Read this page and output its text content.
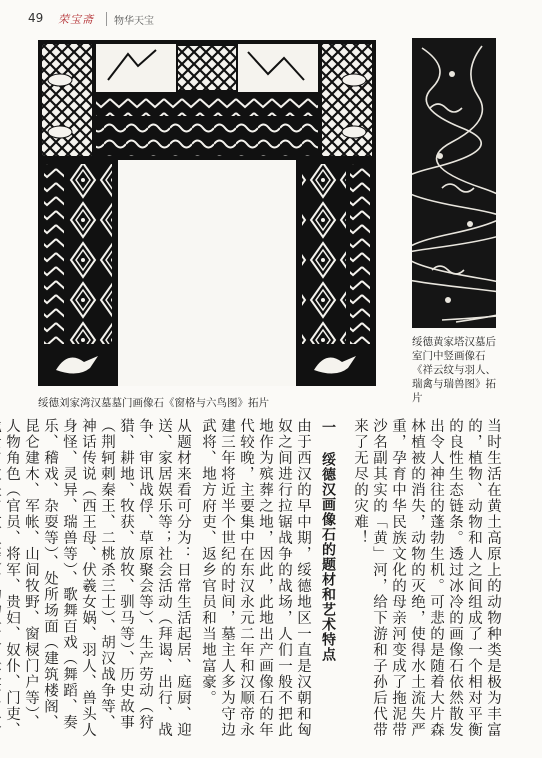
49 荣宝斋 物华天宝
绥德刘家湾汉墓墓门画像石《窗格与六鸟图》拓片
绥德黄家塔汉墓后室门中竖画像石《祥云纹与羽人、瑞禽与瑞兽图》拓片
当时生活在黄土高原上的动物种类是极为丰富的，植物、动物和人之间组成了一个相对平衡的良性生态链条。透过冰冷的画像石依然散发出令人神往的蓬勃生机。可悲的是随着大片森林植被的消失，动物的灭绝，使得水土流失严重，孕育中华民族文化的母亲河变成了拖泥带沙名副其实的「黄」河，给下游和子孙后代带来了无尽的灾难！
一 绥德汉画像石的题材和艺术特点
由于西汉的早中期，绥德地区一直是汉朝和匈奴之间进行拉锯战争的战场，人们一般不把此地作为殡葬之地，因此，此地出产画像石的年代较晚，主要集中在东汉永元二年和汉顺帝永建三年将近半个世纪的时间，墓主人多为守边武将、地方府吏、返乡官员和当地富豪。
从题材来看可分为：日常生活起居、庭厨、迎送、家居娱乐等；社会活动（拜谒、出行、战争、审讯战俘、草原聚会等）、生产劳动（狩猎、耕地、牧获、放牧、驯马等）、历史故事（荆轲刺秦王、二桃杀三士）、胡汉战争等、神话传说（西王母、伏羲女娲、羽人、兽头人身怪、灵异、瑞兽等）、歌舞百戏（舞蹈、奏乐、稽戏、杂耍等）、处所场面（建筑楼阁、昆仑建木、军帐、山间牧野、窗棂门户等）、人物角色（官员、将军、贵妇、奴仆、门吏、
